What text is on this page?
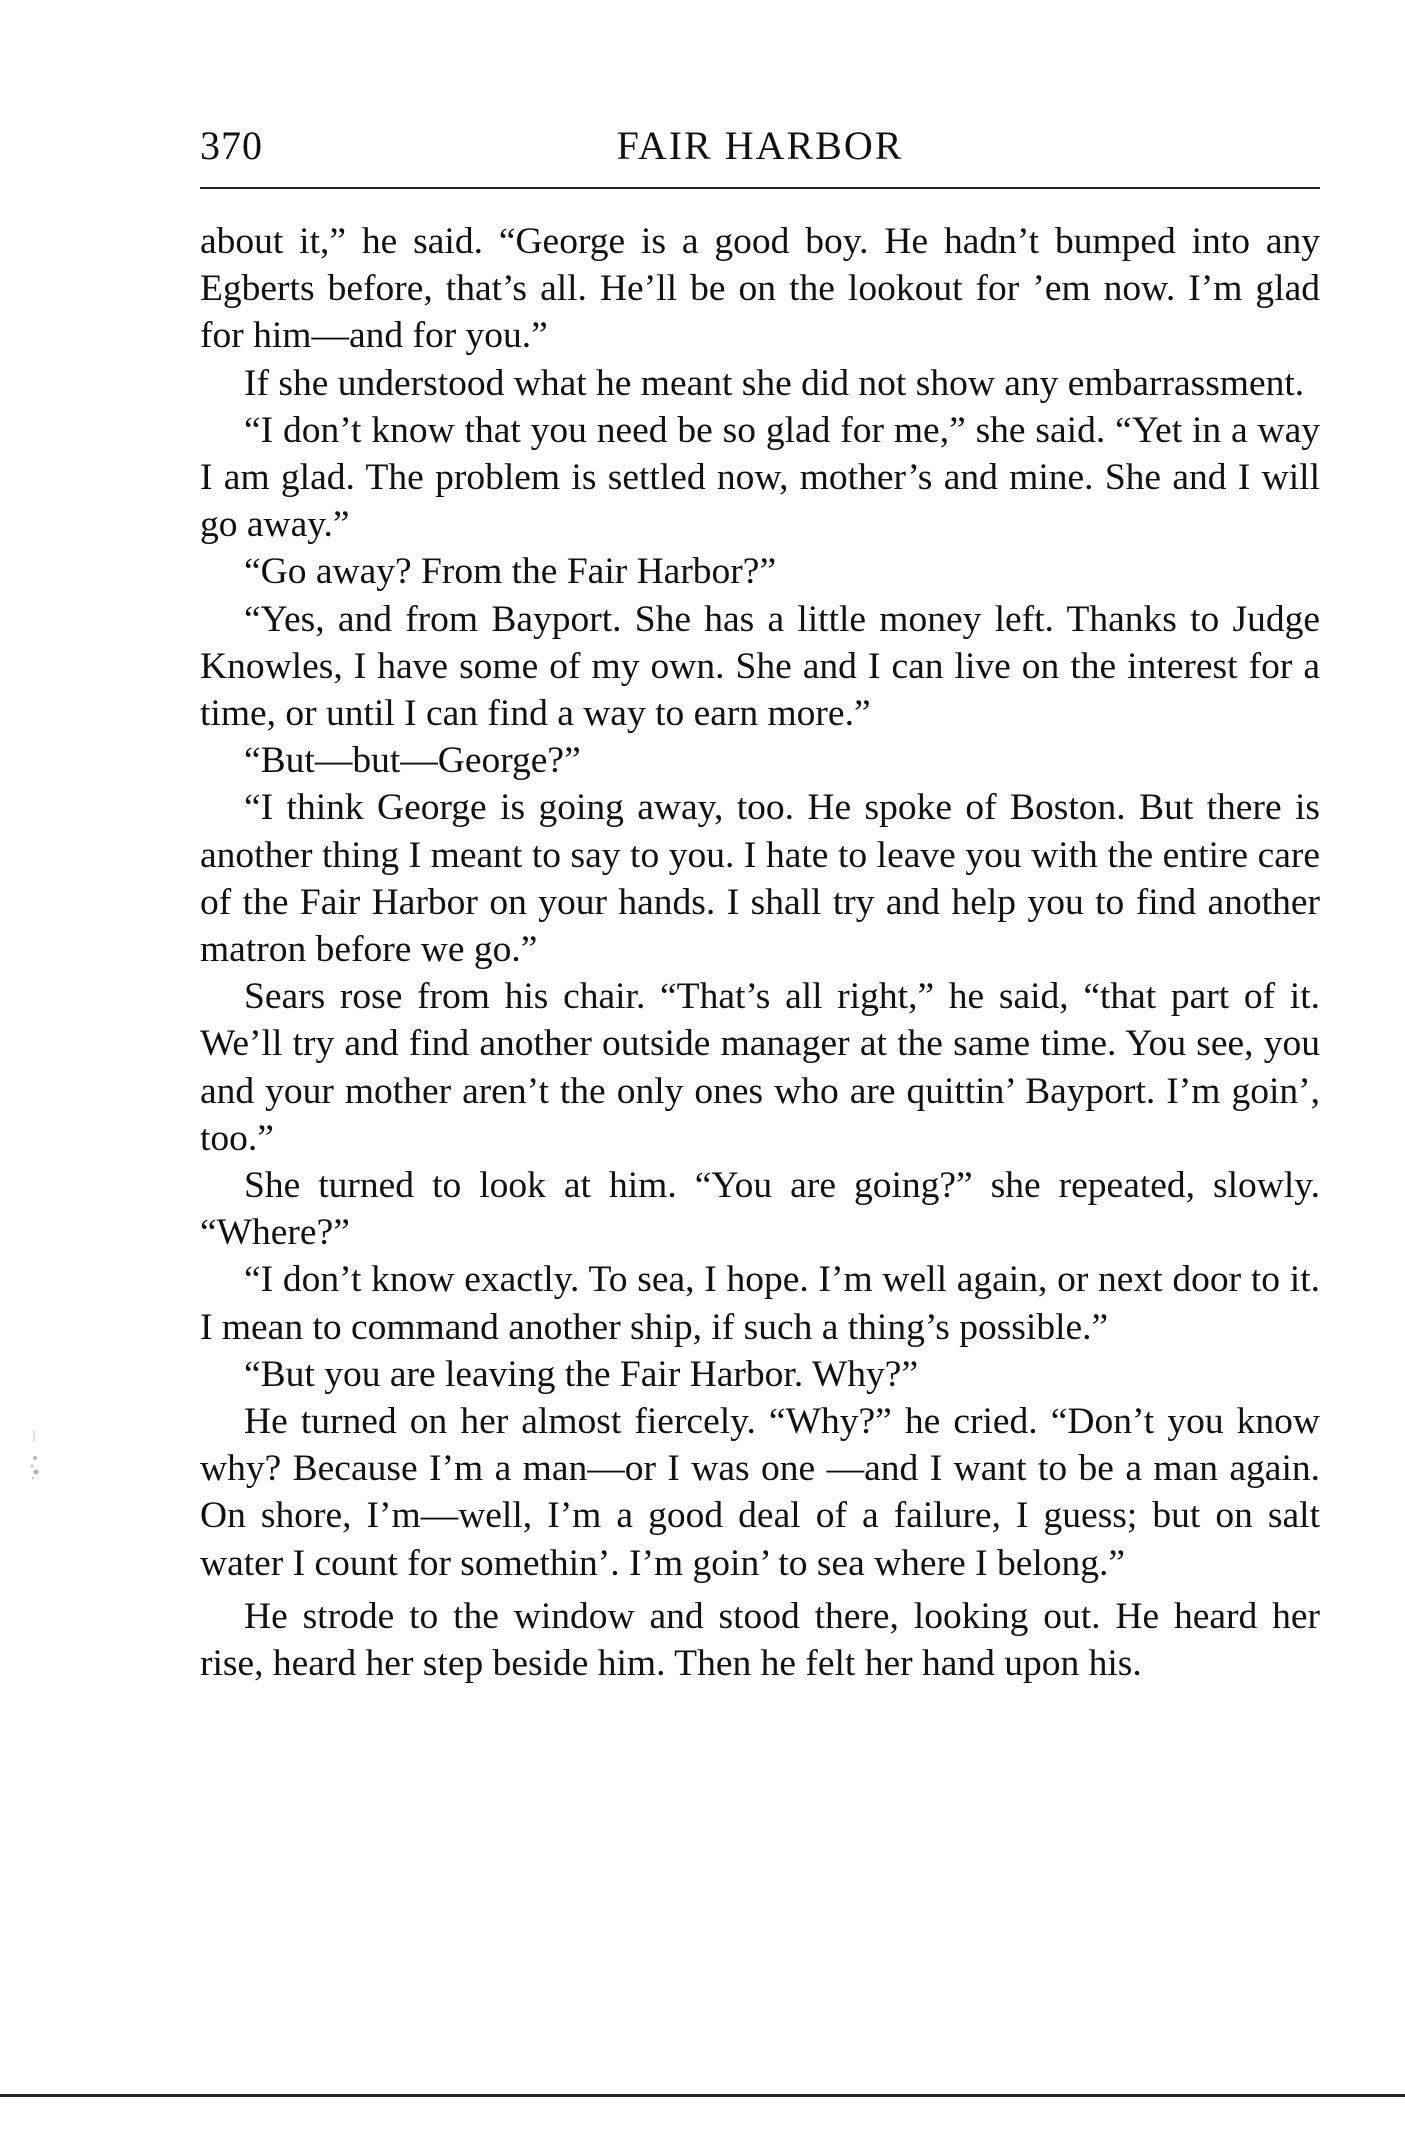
370	FAIR HARBOR

about it,” he said. “George is a good boy. He hadn’t bumped into any Egberts before, that’s all. He’ll be on the lookout for ’em now. I’m glad for him—and for you.”

If she understood what he meant she did not show any embarrassment.

“I don’t know that you need be so glad for me,” she said. “Yet in a way I am glad. The problem is settled now, mother’s and mine. She and I will go away.”

“Go away? From the Fair Harbor?”

“Yes, and from Bayport. She has a little money left. Thanks to Judge Knowles, I have some of my own. She and I can live on the interest for a time, or until I can find a way to earn more.”

“But—but—George?”

“I think George is going away, too. He spoke of Boston. But there is another thing I meant to say to you. I hate to leave you with the entire care of the Fair Harbor on your hands. I shall try and help you to find another matron before we go.”

Sears rose from his chair. “That’s all right,” he said, “that part of it. We’ll try and find another outside manager at the same time. You see, you and your mother aren’t the only ones who are quittin’ Bayport. I’m goin’, too.”

She turned to look at him. “You are going?” she repeated, slowly. “Where?”

“I don’t know exactly. To sea, I hope. I’m well again, or next door to it. I mean to command another ship, if such a thing’s possible.”

“But you are leaving the Fair Harbor. Why?”

He turned on her almost fiercely. “Why?” he cried. “Don’t you know why? Because I’m a man—or I was one —and I want to be a man again. On shore, I’m—well, I’m a good deal of a failure, I guess; but on salt water I count for somethin’. I’m goin’ to sea where I belong.”

He strode to the window and stood there, looking out. He heard her rise, heard her step beside him. Then he felt her hand upon his.
